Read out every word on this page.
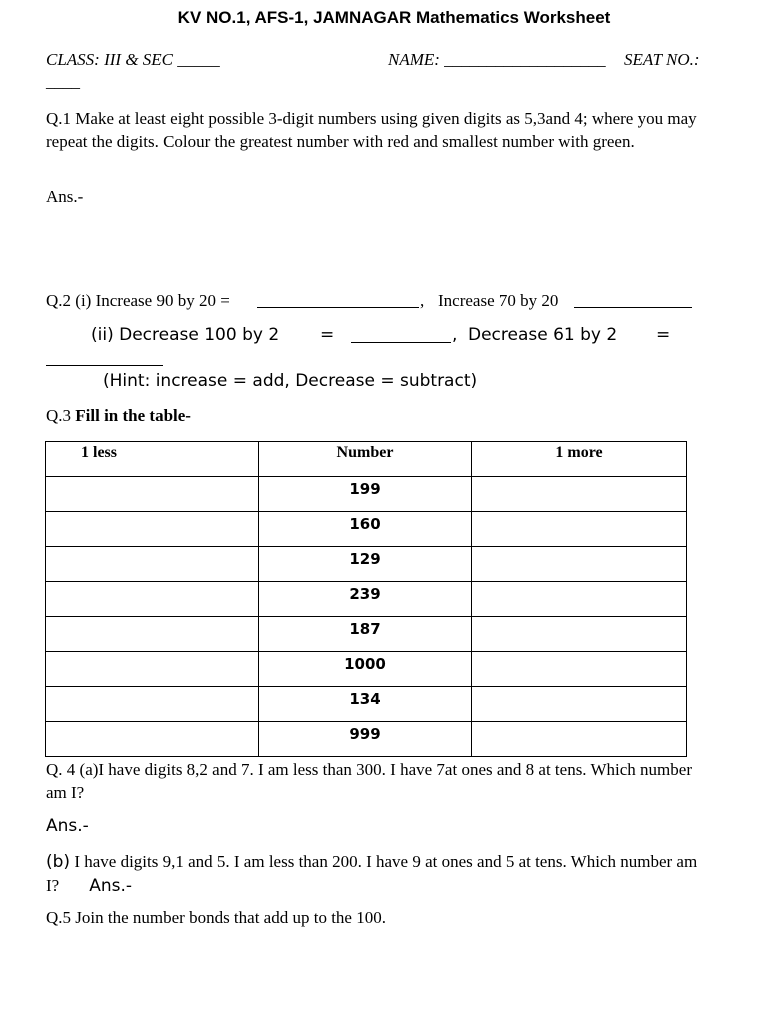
KV NO.1, AFS-1, JAMNAGAR Mathematics Worksheet
CLASS: III & SEC _____	NAME: ___________________ SEAT NO.:
____
Q.1 Make at least eight possible 3-digit numbers using given digits as 5,3and 4; where you may
repeat the digits. Colour the greatest number with red and smallest number with green.
Ans.-
Q.2 (i) Increase 90 by 20 =	, Increase 70 by 20
(ii) Decrease 100 by 2 =	, Decrease 61 by 2 =
(Hint: increase = add, Decrease = subtract)
Q.3 Fill in the table-
1 less	Number	1 more
	199	
	160	
	129	
	239	
	187	
	1000	
	134	
	999	
Q. 4 (a)I have digits 8,2 and 7. I am less than 300. I have 7at ones and 8 at tens. Which number
am I?
Ans.-
(b) I have digits 9,1 and 5. I am less than 200. I have 9 at ones and 5 at tens. Which number am
I? Ans.-
Q.5 Join the number bonds that add up to the 100.
